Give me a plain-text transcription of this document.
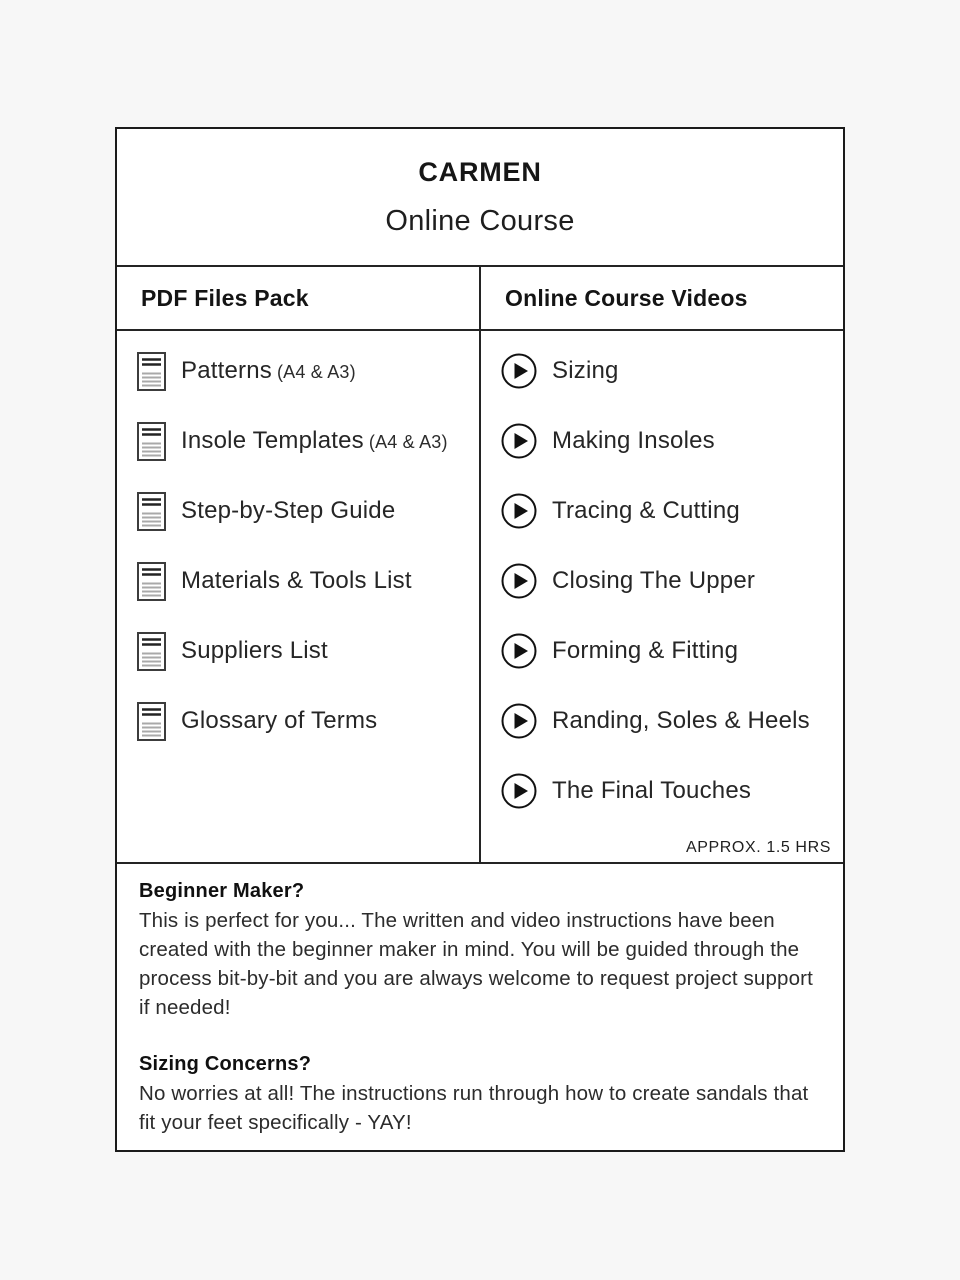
CARMEN
Online Course
PDF Files Pack	Online Course Videos
Patterns (A4 & A3)
Insole Templates (A4 & A3)
Step-by-Step Guide
Materials & Tools List
Suppliers List
Glossary of Terms
APPROX. 1.5 HRS
Sizing
Making Insoles
Tracing & Cutting
Closing The Upper
Forming & Fitting
Randing, Soles & Heels
The Final Touches
Beginner Maker?
This is perfect for you... The written and video instructions have been created with the beginner maker in mind. You will be guided through the process bit-by-bit and you are always welcome to request project support if needed!
Sizing Concerns?
No worries at all! The instructions run through how to create sandals that fit your feet specifically - YAY!
